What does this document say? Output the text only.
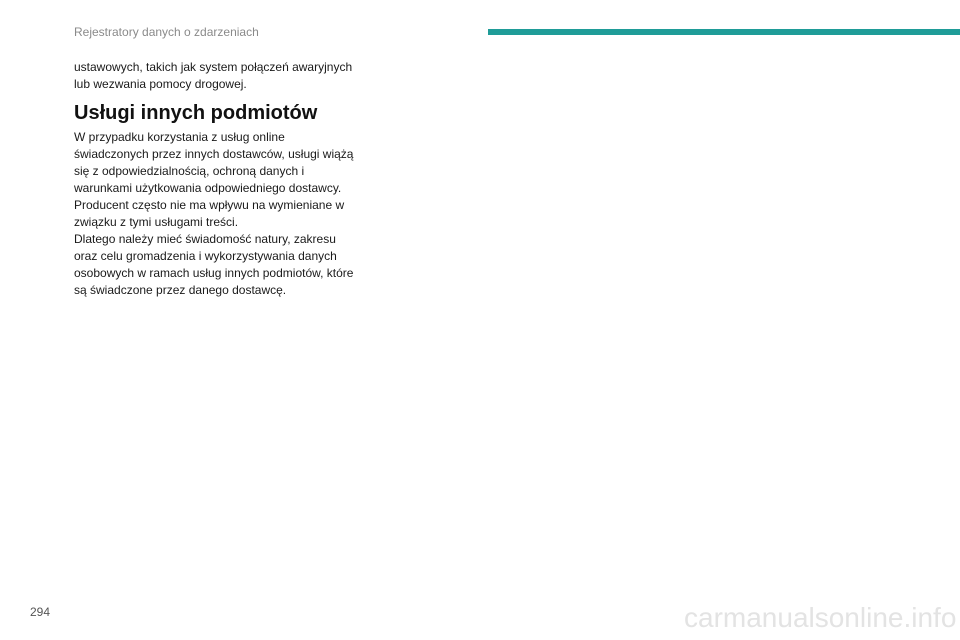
Rejestratory danych o zdarzeniach

ustawowych, takich jak system połączeń awaryjnych lub wezwania pomocy drogowej.

Usługi innych podmiotów

W przypadku korzystania z usług online świadczonych przez innych dostawców, usługi wiążą się z odpowiedzialnością, ochroną danych i warunkami użytkowania odpowiedniego dostawcy. Producent często nie ma wpływu na wymieniane w związku z tymi usługami treści.

Dlatego należy mieć świadomość natury, zakresu oraz celu gromadzenia i wykorzystywania danych osobowych w ramach usług innych podmiotów, które są świadczone przez danego dostawcę.

294	carmanualsonline.info
